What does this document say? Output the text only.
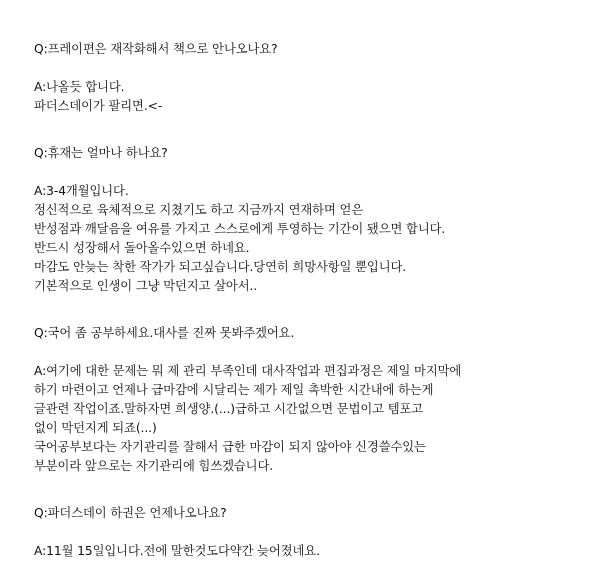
Q:프레이편은 재작화해서 책으로 안나오나요?
A:나올듯 합니다.
파더스데이가 팔리면.<-
Q:휴재는 얼마나 하나요?
A:3-4개월입니다.
정신적으로 육체적으로 지쳤기도 하고 지금까지 연재하며 얻은
반성점과 깨달음을 여유를 가지고 스스로에게 투영하는 기간이 됐으면 합니다.
반드시 성장해서 돌아올수있으면 하네요.
마감도 안늦는 착한 작가가 되고싶습니다.당연히 희망사항일 뿐입니다.
기본적으로 인생이 그냥 막던지고 살아서..
Q:국어 좀 공부하세요.대사를 진짜 못봐주겠어요.
A:여기에 대한 문제는 뭐 제 관리 부족인데 대사작업과 편집과정은 제일 마지막에
하기 마련이고 언제나 급마감에 시달리는 제가 제일 촉박한 시간내에 하는게
글관련 작업이죠.말하자면 희생양.(...)급하고 시간없으면 문법이고 템포고
없이 막던지게 되죠(...)
국어공부보다는 자기관리를 잘해서 급한 마감이 되지 않아야 신경쓸수있는
부분이라 앞으로는 자기관리에 힘쓰겠습니다.
Q:파더스데이 하권은 언제나오나요?
A:11월 15일입니다.전에 말한것도다약간 늦어졌네요.
